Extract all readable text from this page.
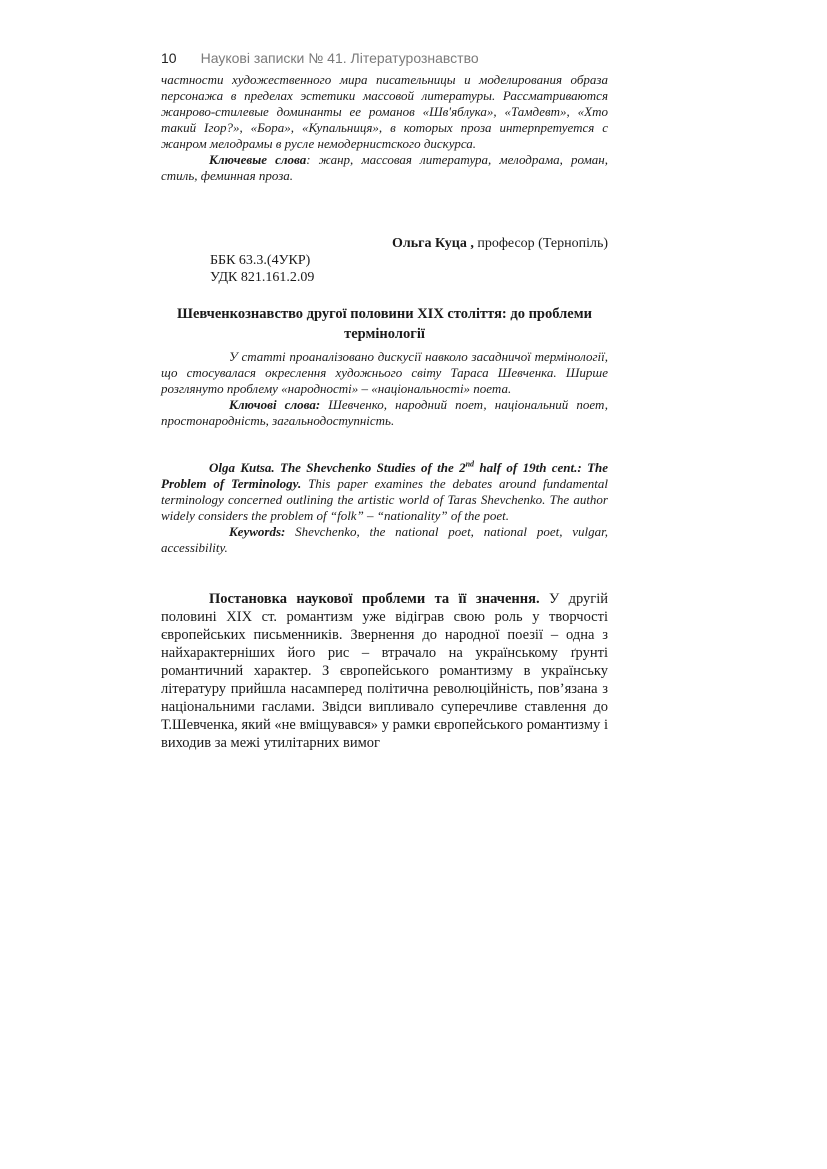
10 Наукові записки № 41. Літературознавство

частности художественного мира писательницы и моделирования образа персонажа в пределах эстетики массовой литературы. Рассматриваются жанрово-стилевые доминанты ее романов «Шв'яблука», «Тамдевт», «Хто такий Ігор?», «Бора», «Купальниця», в которых проза интерпретуется с жанром мелодрамы в русле немодернистского дискурса.

Ключевые слова: жанр, массовая литература, мелодрама, роман, стиль, феминная проза.

Ольга Куца , професор (Тернопіль)
ББК 63.3.(4УКР)
УДК 821.161.2.09
Шевченкознавство другої половини ХІХ століття: до проблеми термінології

У статті проаналізовано дискусії навколо засадничої термінології, що стосувалася окреслення художнього світу Тараса Шевченка. Ширше розглянуто проблему «народності» – «національності» поета.

Ключові слова: Шевченко, народний поет, національний поет, простонародність, загальнодоступність.

Olga Kutsa. The Shevchenko Studies of the 2nd half of 19th cent.: The Problem of Terminology. This paper examines the debates around fundamental terminology concerned outlining the artistic world of Taras Shevchenko. The author widely considers the problem of “folk” – “nationality” of the poet.

Keywords: Shevchenko, the national poet, national poet, vulgar, accessibility.

Постановка наукової проблеми та її значення. У другій половині ХІХ ст. романтизм уже відіграв свою роль у творчості європейських письменників. Звернення до народної поезії – одна з найхарактерніших його рис – втрачало на українському ґрунті романтичний характер. З європейського романтизму в українську літературу прийшла насамперед політична революційність, пов’язана з національними гаслами. Звідси випливало суперечливе ставлення до Т.Шевченка, який «не вміщувався» у рамки європейського романтизму і виходив за межі утилітарних вимог
